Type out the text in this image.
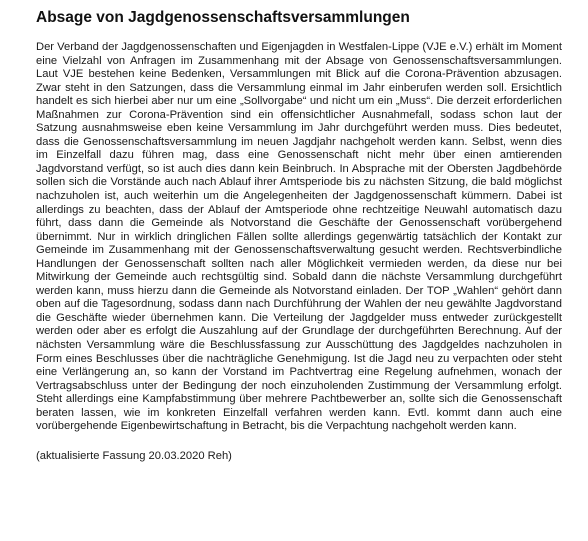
Absage von Jagdgenossenschaftsversammlungen

Der Verband der Jagdgenossenschaften und Eigenjagden in Westfalen-Lippe (VJE e.V.) erhält im Moment eine Vielzahl von Anfragen im Zusammenhang mit der Absage von Genossenschaftsversammlungen. Laut VJE bestehen keine Bedenken, Versammlungen mit Blick auf die Corona-Prävention abzusagen. Zwar steht in den Satzungen, dass die Versammlung einmal im Jahr einberufen werden soll. Ersichtlich handelt es sich hierbei aber nur um eine „Sollvorgabe“ und nicht um ein „Muss“. Die derzeit erforderlichen Maßnahmen zur Corona-Prävention sind ein offensichtlicher Ausnahmefall, sodass schon laut der Satzung ausnahmsweise eben keine Versammlung im Jahr durchgeführt werden muss. Dies bedeutet, dass die Genossenschaftsversammlung im neuen Jagdjahr nachgeholt werden kann. Selbst, wenn dies im Einzelfall dazu führen mag, dass eine Genossenschaft nicht mehr über einen amtierenden Jagdvorstand verfügt, so ist auch dies dann kein Beinbruch. In Absprache mit der Obersten Jagdbehörde sollen sich die Vorstände auch nach Ablauf ihrer Amtsperiode bis zu nächsten Sitzung, die bald möglichst nachzuholen ist, auch weiterhin um die Angelegenheiten der Jagdgenossenschaft kümmern. Dabei ist allerdings zu beachten, dass der Ablauf der Amtsperiode ohne rechtzeitige Neuwahl automatisch dazu führt, dass dann die Gemeinde als Notvorstand die Geschäfte der Genossenschaft vorübergehend übernimmt. Nur in wirklich dringlichen Fällen sollte allerdings gegenwärtig tatsächlich der Kontakt zur Gemeinde im Zusammenhang mit der Genossenschaftsverwaltung gesucht werden. Rechtsverbindliche Handlungen der Genossenschaft sollten nach aller Möglichkeit vermieden werden, da diese nur bei Mitwirkung der Gemeinde auch rechtsgültig sind. Sobald dann die nächste Versammlung durchgeführt werden kann, muss hierzu dann die Gemeinde als Notvorstand einladen. Der TOP „Wahlen“ gehört dann oben auf die Tagesordnung, sodass dann nach Durchführung der Wahlen der neu gewählte Jagdvorstand die Geschäfte wieder übernehmen kann. Die Verteilung der Jagdgelder muss entweder zurückgestellt werden oder aber es erfolgt die Auszahlung auf der Grundlage der durchgeführten Berechnung. Auf der nächsten Versammlung wäre die Beschlussfassung zur Ausschüttung des Jagdgeldes nachzuholen in Form eines Beschlusses über die nachträgliche Genehmigung. Ist die Jagd neu zu verpachten oder steht eine Verlängerung an, so kann der Vorstand im Pachtvertrag eine Regelung aufnehmen, wonach der Vertragsabschluss unter der Bedingung der noch einzuholenden Zustimmung der Versammlung erfolgt. Steht allerdings eine Kampfabstimmung über mehrere Pachtbewerber an, sollte sich die Genossenschaft beraten lassen, wie im konkreten Einzelfall verfahren werden kann. Evtl. kommt dann auch eine vorübergehende Eigenbewirtschaftung in Betracht, bis die Verpachtung nachgeholt werden kann.

(aktualisierte Fassung 20.03.2020 Reh)
